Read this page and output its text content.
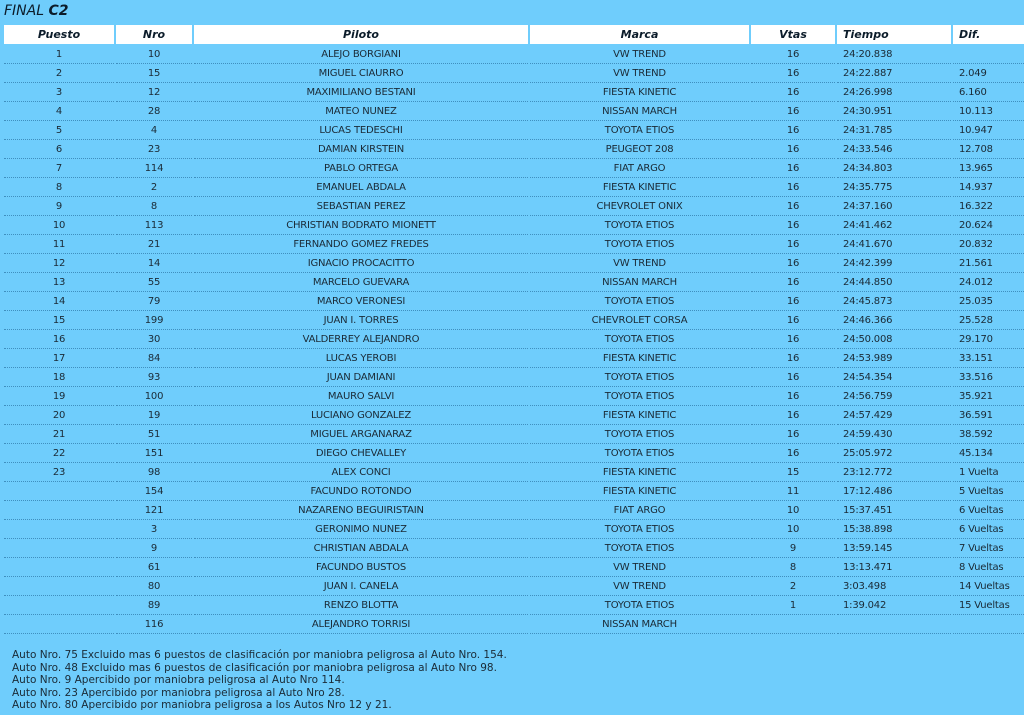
FINAL C2
Puesto	Nro	Piloto	Marca	Vtas	Tiempo	Dif.
1	10	ALEJO BORGIANI	VW TREND	16	24:20.838	
2	15	MIGUEL CIAURRO	VW TREND	16	24:22.887	2.049
3	12	MAXIMILIANO BESTANI	FIESTA KINETIC	16	24:26.998	6.160
4	28	MATEO NUNEZ	NISSAN MARCH	16	24:30.951	10.113
5	4	LUCAS TEDESCHI	TOYOTA ETIOS	16	24:31.785	10.947
6	23	DAMIAN KIRSTEIN	PEUGEOT 208	16	24:33.546	12.708
7	114	PABLO ORTEGA	FIAT ARGO	16	24:34.803	13.965
8	2	EMANUEL ABDALA	FIESTA KINETIC	16	24:35.775	14.937
9	8	SEBASTIAN PEREZ	CHEVROLET ONIX	16	24:37.160	16.322
10	113	CHRISTIAN BODRATO MIONETT	TOYOTA ETIOS	16	24:41.462	20.624
11	21	FERNANDO GOMEZ FREDES	TOYOTA ETIOS	16	24:41.670	20.832
12	14	IGNACIO PROCACITTO	VW TREND	16	24:42.399	21.561
13	55	MARCELO GUEVARA	NISSAN MARCH	16	24:44.850	24.012
14	79	MARCO VERONESI	TOYOTA ETIOS	16	24:45.873	25.035
15	199	JUAN I. TORRES	CHEVROLET CORSA	16	24:46.366	25.528
16	30	VALDERREY ALEJANDRO	TOYOTA ETIOS	16	24:50.008	29.170
17	84	LUCAS YEROBI	FIESTA KINETIC	16	24:53.989	33.151
18	93	JUAN DAMIANI	TOYOTA ETIOS	16	24:54.354	33.516
19	100	MAURO SALVI	TOYOTA ETIOS	16	24:56.759	35.921
20	19	LUCIANO GONZALEZ	FIESTA KINETIC	16	24:57.429	36.591
21	51	MIGUEL ARGANARAZ	TOYOTA ETIOS	16	24:59.430	38.592
22	151	DIEGO CHEVALLEY	TOYOTA ETIOS	16	25:05.972	45.134
23	98	ALEX CONCI	FIESTA KINETIC	15	23:12.772	1 Vuelta
	154	FACUNDO ROTONDO	FIESTA KINETIC	11	17:12.486	5 Vueltas
	121	NAZARENO BEGUIRISTAIN	FIAT ARGO	10	15:37.451	6 Vueltas
	3	GERONIMO NUNEZ	TOYOTA ETIOS	10	15:38.898	6 Vueltas
	9	CHRISTIAN ABDALA	TOYOTA ETIOS	9	13:59.145	7 Vueltas
	61	FACUNDO BUSTOS	VW TREND	8	13:13.471	8 Vueltas
	80	JUAN I. CANELA	VW TREND	2	3:03.498	14 Vueltas
	89	RENZO BLOTTA	TOYOTA ETIOS	1	1:39.042	15 Vueltas
	116	ALEJANDRO TORRISI	NISSAN MARCH			
Auto Nro. 75 Excluido mas 6 puestos de clasificación por maniobra peligrosa al Auto Nro. 154.
Auto Nro. 48 Excluido mas 6 puestos de clasificación por maniobra peligrosa al Auto Nro 98.
Auto Nro. 9 Apercibido por maniobra peligrosa al Auto Nro 114.
Auto Nro. 23 Apercibido por maniobra peligrosa al Auto Nro 28.
Auto Nro. 80 Apercibido por maniobra peligrosa a los Autos Nro 12 y 21.
